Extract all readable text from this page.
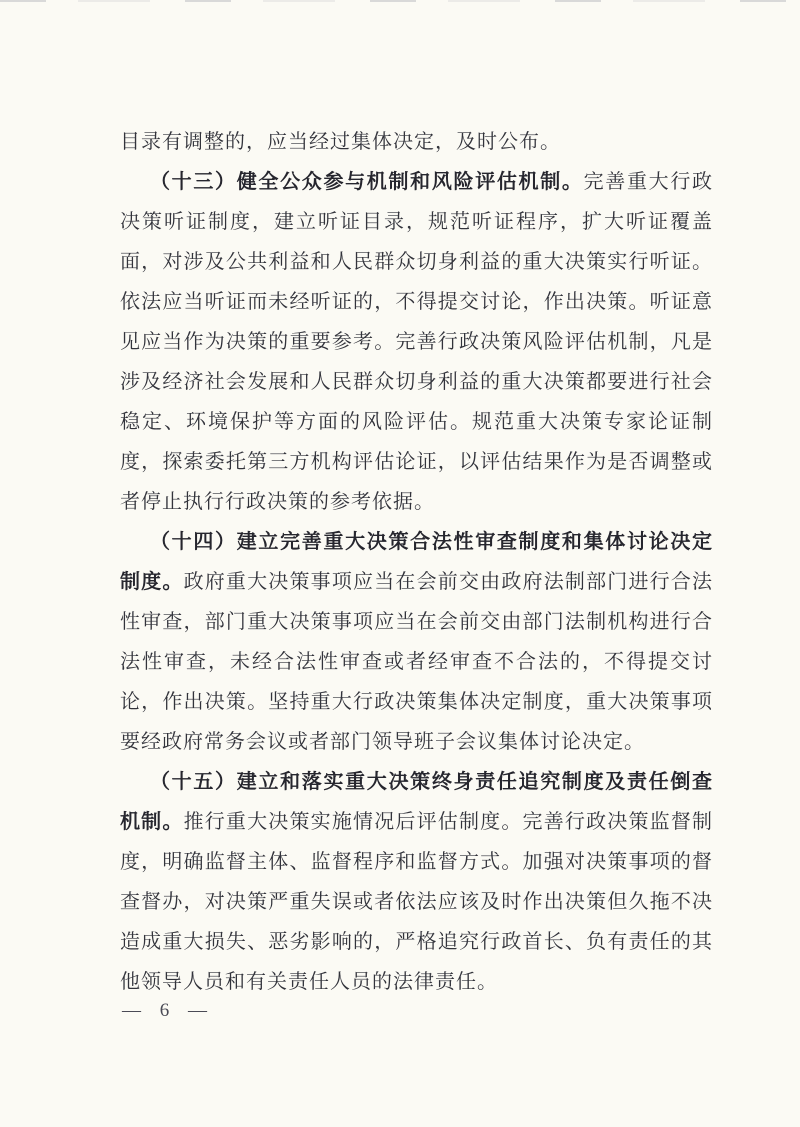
目录有调整的，应当经过集体决定，及时公布。
（十三）健全公众参与机制和风险评估机制。完善重大行政
决策听证制度，建立听证目录，规范听证程序，扩大听证覆盖
面，对涉及公共利益和人民群众切身利益的重大决策实行听证。
依法应当听证而未经听证的，不得提交讨论，作出决策。听证意
见应当作为决策的重要参考。完善行政决策风险评估机制，凡是
涉及经济社会发展和人民群众切身利益的重大决策都要进行社会
稳定、环境保护等方面的风险评估。规范重大决策专家论证制
度，探索委托第三方机构评估论证，以评估结果作为是否调整或
者停止执行行政决策的参考依据。
（十四）建立完善重大决策合法性审查制度和集体讨论决定
制度。政府重大决策事项应当在会前交由政府法制部门进行合法
性审查，部门重大决策事项应当在会前交由部门法制机构进行合
法性审查，未经合法性审查或者经审查不合法的，不得提交讨
论，作出决策。坚持重大行政决策集体决定制度，重大决策事项
要经政府常务会议或者部门领导班子会议集体讨论决定。
（十五）建立和落实重大决策终身责任追究制度及责任倒查
机制。推行重大决策实施情况后评估制度。完善行政决策监督制
度，明确监督主体、监督程序和监督方式。加强对决策事项的督
查督办，对决策严重失误或者依法应该及时作出决策但久拖不决
造成重大损失、恶劣影响的，严格追究行政首长、负有责任的其
他领导人员和有关责任人员的法律责任。
— 6 —
